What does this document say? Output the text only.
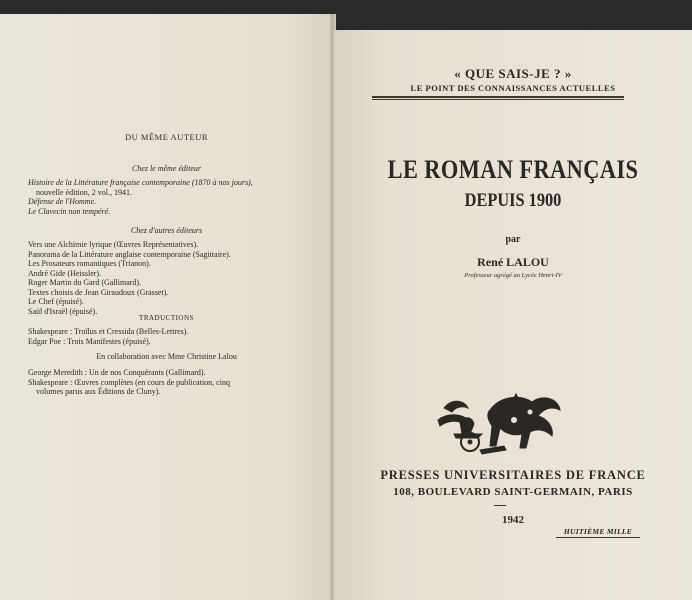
DU MÊME AUTEUR
Chez le même éditeur
Histoire de la Littérature française contemporaine (1870 à nos jours),
nouvelle édition, 2 vol., 1941.
Défense de l'Homme.
Le Clavecin non tempéré.
Chez d'autres éditeurs
Vers une Alchimie lyrique (Œuvres Représentatives).
Panorama de la Littérature anglaise contemporaine (Sagittaire).
Les Prosateurs romantiques (Trianon).
André Gide (Heissler).
Roger Martin du Gard (Gallimard).
Textes choisis de Jean Giraudoux (Grasset).
Le Chef (épuisé).
Saül d'Israël (épuisé).
TRADUCTIONS
Shakespeare : Troïlus et Cressida (Belles-Lettres).
Edgar Poe : Trois Manifestes (épuisé).
En collaboration avec Mme Christine Lalou
George Meredith : Un de nos Conquérants (Gallimard).
Shakespeare : Œuvres complètes (en cours de publication, cinq
volumes parus aux Éditions de Cluny).
« QUE SAIS-JE ? »
LE POINT DES CONNAISSANCES ACTUELLES
LE ROMAN FRANÇAIS
DEPUIS 1900
par
René LALOU
Professeur agrégé au Lycée Henri-IV
PRESSES UNIVERSITAIRES DE FRANCE
108, BOULEVARD SAINT-GERMAIN, PARIS
1942
HUITIÈME MILLE
